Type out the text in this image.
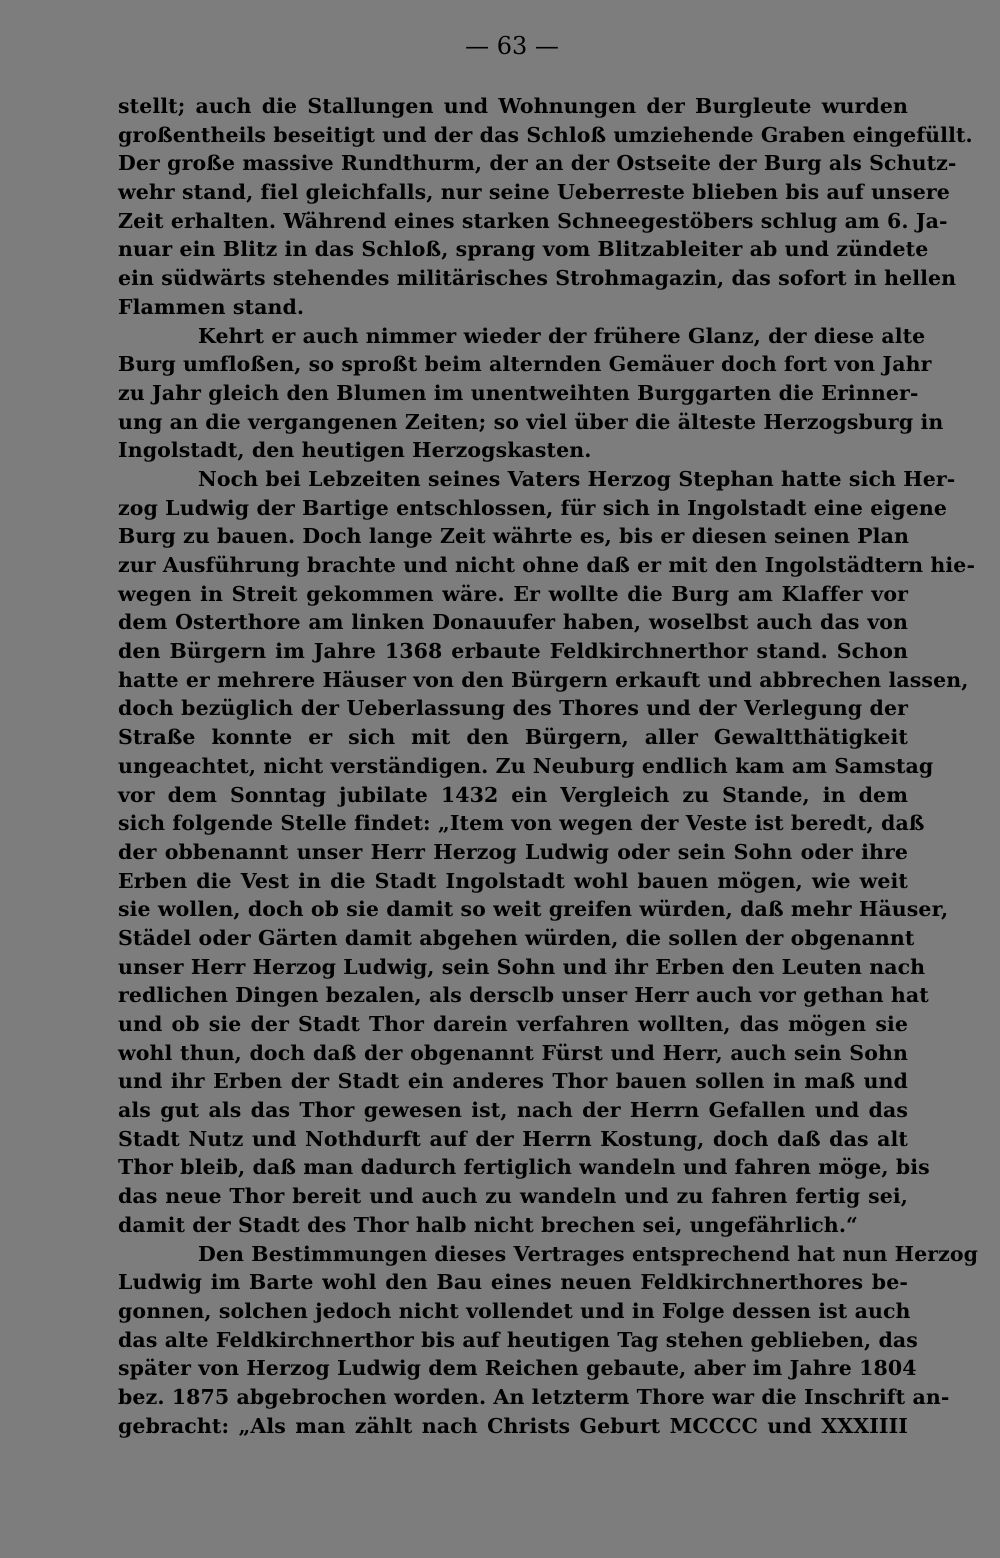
— 63 —
stellt; auch die Stallungen und Wohnungen der Burgleute wurden
großentheils beseitigt und der das Schloß umziehende Graben eingefüllt.
Der große massive Rundthurm, der an der Ostseite der Burg als Schutz-
wehr stand, fiel gleichfalls, nur seine Ueberreste blieben bis auf unsere
Zeit erhalten. Während eines starken Schneegestöbers schlug am 6. Ja-
nuar ein Blitz in das Schloß, sprang vom Blitzableiter ab und zündete
ein südwärts stehendes militärisches Strohmagazin, das sofort in hellen
Flammen stand.
Kehrt er auch nimmer wieder der frühere Glanz, der diese alte
Burg umfloßen, so sproßt beim alternden Gemäuer doch fort von Jahr
zu Jahr gleich den Blumen im unentweihten Burggarten die Erinner-
ung an die vergangenen Zeiten; so viel über die älteste Herzogsburg in
Ingolstadt, den heutigen Herzogskasten.
Noch bei Lebzeiten seines Vaters Herzog Stephan hatte sich Her-
zog Ludwig der Bartige entschlossen, für sich in Ingolstadt eine eigene
Burg zu bauen. Doch lange Zeit währte es, bis er diesen seinen Plan
zur Ausführung brachte und nicht ohne daß er mit den Ingolstädtern hie-
wegen in Streit gekommen wäre. Er wollte die Burg am Klaffer vor
dem Osterthore am linken Donauufer haben, woselbst auch das von
den Bürgern im Jahre 1368 erbaute Feldkirchnerthor stand. Schon
hatte er mehrere Häuser von den Bürgern erkauft und abbrechen lassen,
doch bezüglich der Ueberlassung des Thores und der Verlegung der
Straße konnte er sich mit den Bürgern, aller Gewaltthätigkeit
ungeachtet, nicht verständigen. Zu Neuburg endlich kam am Samstag
vor dem Sonntag jubilate 1432 ein Vergleich zu Stande, in dem
sich folgende Stelle findet: „Item von wegen der Veste ist beredt, daß
der obbenannt unser Herr Herzog Ludwig oder sein Sohn oder ihre
Erben die Vest in die Stadt Ingolstadt wohl bauen mögen, wie weit
sie wollen, doch ob sie damit so weit greifen würden, daß mehr Häuser,
Städel oder Gärten damit abgehen würden, die sollen der obgenannt
unser Herr Herzog Ludwig, sein Sohn und ihr Erben den Leuten nach
redlichen Dingen bezalen, als dersclb unser Herr auch vor gethan hat
und ob sie der Stadt Thor darein verfahren wollten, das mögen sie
wohl thun, doch daß der obgenannt Fürst und Herr, auch sein Sohn
und ihr Erben der Stadt ein anderes Thor bauen sollen in maß und
als gut als das Thor gewesen ist, nach der Herrn Gefallen und das
Stadt Nutz und Nothdurft auf der Herrn Kostung, doch daß das alt
Thor bleib, daß man dadurch fertiglich wandeln und fahren möge, bis
das neue Thor bereit und auch zu wandeln und zu fahren fertig sei,
damit der Stadt des Thor halb nicht brechen sei, ungefährlich.“
Den Bestimmungen dieses Vertrages entsprechend hat nun Herzog
Ludwig im Barte wohl den Bau eines neuen Feldkirchnerthores be-
gonnen, solchen jedoch nicht vollendet und in Folge dessen ist auch
das alte Feldkirchnerthor bis auf heutigen Tag stehen geblieben, das
später von Herzog Ludwig dem Reichen gebaute, aber im Jahre 1804
bez. 1875 abgebrochen worden. An letzterm Thore war die Inschrift an-
gebracht: „Als man zählt nach Christs Geburt MCCCC und XXXIIII
